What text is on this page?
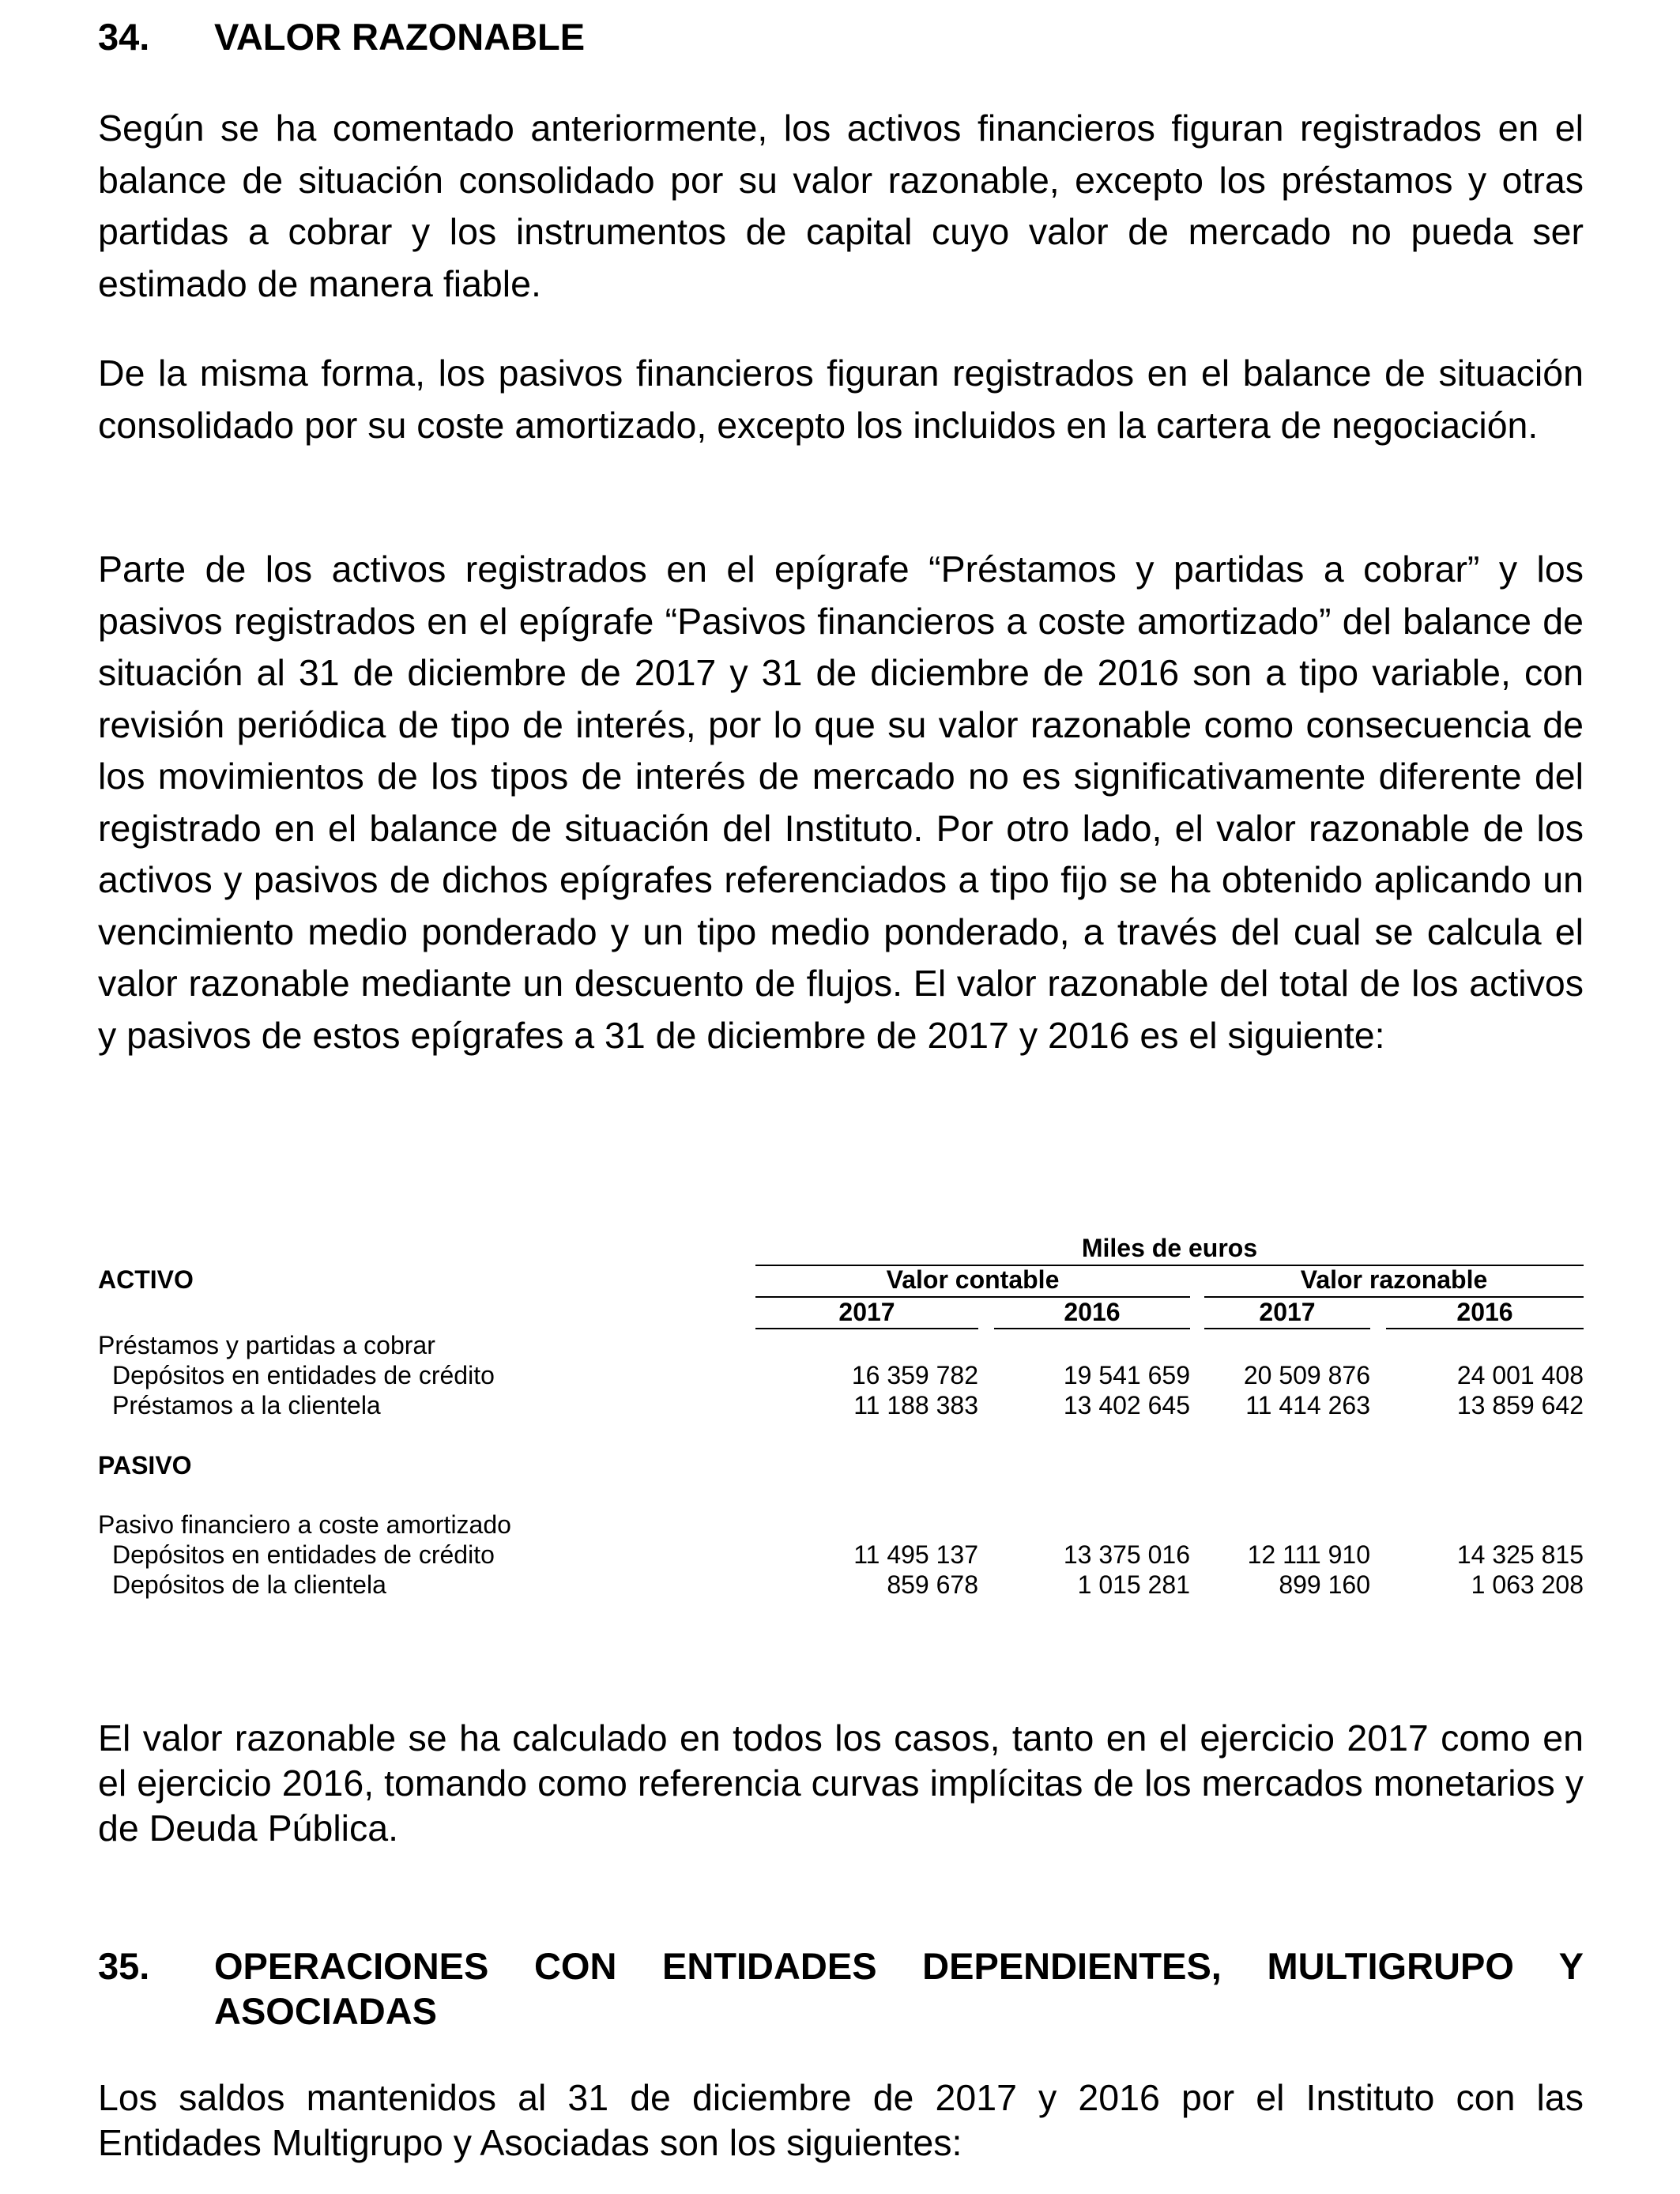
34. VALOR RAZONABLE

Según se ha comentado anteriormente, los activos financieros figuran registrados en el balance de situación consolidado por su valor razonable, excepto los préstamos y otras partidas a cobrar y los instrumentos de capital cuyo valor de mercado no pueda ser estimado de manera fiable.

De la misma forma, los pasivos financieros figuran registrados en el balance de situación consolidado por su coste amortizado, excepto los incluidos en la cartera de negociación.

Parte de los activos registrados en el epígrafe “Préstamos y partidas a cobrar” y los pasivos registrados en el epígrafe “Pasivos financieros a coste amortizado” del balance de situación al 31 de diciembre de 2017 y 31 de diciembre de 2016 son a tipo variable, con revisión periódica de tipo de interés, por lo que su valor razonable como consecuencia de los movimientos de los tipos de interés de mercado no es significativamente diferente del registrado en el balance de situación del Instituto. Por otro lado, el valor razonable de los activos y pasivos de dichos epígrafes referenciados a tipo fijo se ha obtenido aplicando un vencimiento medio ponderado y un tipo medio ponderado, a través del cual se calcula el valor razonable mediante un descuento de flujos. El valor razonable del total de los activos y pasivos de estos epígrafes a 31 de diciembre de 2017 y 2016 es el siguiente:

Miles de euros
ACTIVO	Valor contable	Valor razonable
2017	2016	2017	2016
Préstamos y partidas a cobrar
Depósitos en entidades de crédito	16 359 782	19 541 659	20 509 876	24 001 408
Préstamos a la clientela	11 188 383	13 402 645	11 414 263	13 859 642
PASIVO
Pasivo financiero a coste amortizado
Depósitos en entidades de crédito	11 495 137	13 375 016	12 111 910	14 325 815
Depósitos de la clientela	859 678	1 015 281	899 160	1 063 208

El valor razonable se ha calculado en todos los casos, tanto en el ejercicio 2017 como en el ejercicio 2016, tomando como referencia curvas implícitas de los mercados monetarios y de Deuda Pública.

35. OPERACIONES CON ENTIDADES DEPENDIENTES, MULTIGRUPO Y ASOCIADAS

Los saldos mantenidos al 31 de diciembre de 2017 y 2016 por el Instituto con las Entidades Multigrupo y Asociadas son los siguientes:
